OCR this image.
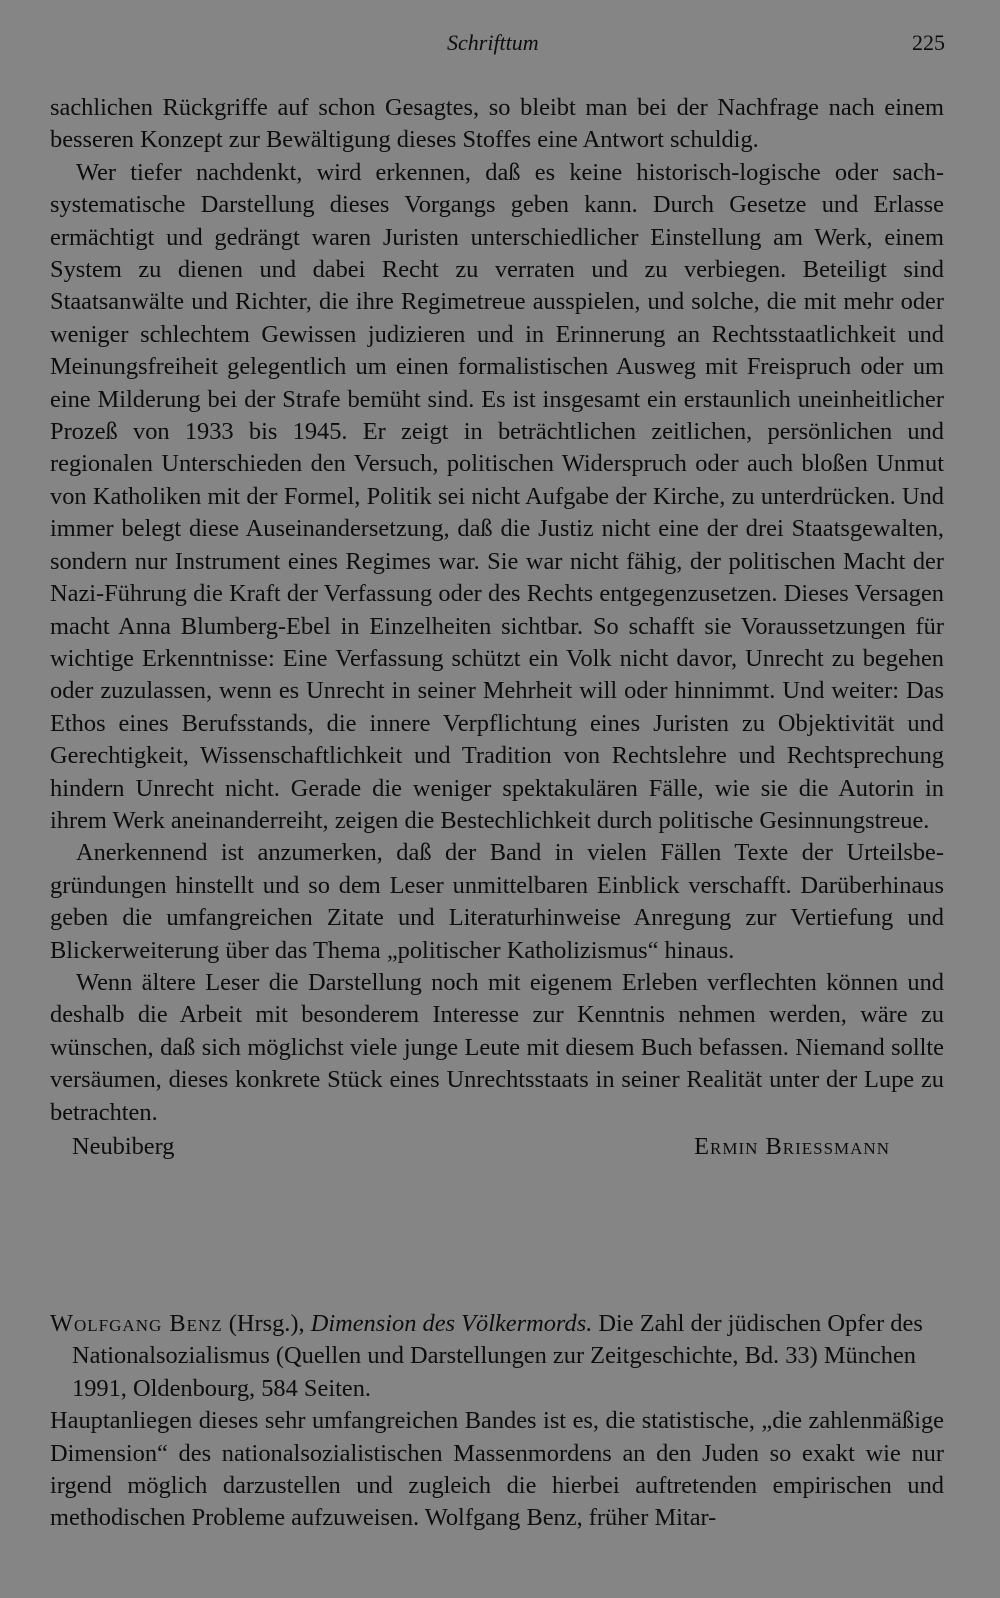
Schrifttum	225

sachlichen Rückgriffe auf schon Gesagtes, so bleibt man bei der Nachfrage nach einem besseren Konzept zur Bewältigung dieses Stoffes eine Antwort schuldig.

Wer tiefer nachdenkt, wird erkennen, daß es keine historisch-logische oder sachsystematische Darstellung dieses Vorgangs geben kann. Durch Gesetze und Erlasse ermächtigt und gedrängt waren Juristen unterschiedlicher Einstellung am Werk, einem System zu dienen und dabei Recht zu verraten und zu verbiegen. Beteiligt sind Staatsanwälte und Richter, die ihre Regimetreue ausspielen, und solche, die mit mehr oder weniger schlechtem Gewissen judizieren und in Erinnerung an Rechtsstaatlichkeit und Meinungsfreiheit gelegentlich um einen formalistischen Ausweg mit Freispruch oder um eine Milderung bei der Strafe bemüht sind. Es ist insgesamt ein erstaunlich uneinheitlicher Prozeß von 1933 bis 1945. Er zeigt in beträchtlichen zeitlichen, persönlichen und regionalen Unterschieden den Versuch, politischen Widerspruch oder auch bloßen Unmut von Katholiken mit der Formel, Politik sei nicht Aufgabe der Kirche, zu unterdrücken. Und immer belegt diese Auseinandersetzung, daß die Justiz nicht eine der drei Staatsgewalten, sondern nur Instrument eines Regimes war. Sie war nicht fähig, der politischen Macht der Nazi-Führung die Kraft der Verfassung oder des Rechts entgegenzusetzen. Dieses Versagen macht Anna Blumberg-Ebel in Einzelheiten sichtbar. So schafft sie Voraussetzungen für wichtige Erkenntnisse: Eine Verfassung schützt ein Volk nicht davor, Unrecht zu begehen oder zuzulassen, wenn es Unrecht in seiner Mehrheit will oder hinnimmt. Und weiter: Das Ethos eines Berufsstands, die innere Verpflichtung eines Juristen zu Objektivität und Gerechtigkeit, Wissenschaftlichkeit und Tradition von Rechtslehre und Rechtsprechung hindern Unrecht nicht. Gerade die weniger spektakulären Fälle, wie sie die Autorin in ihrem Werk aneinanderreiht, zeigen die Bestechlichkeit durch politische Gesinnungstreue.

Anerkennend ist anzumerken, daß der Band in vielen Fällen Texte der Urteilsbegründungen hinstellt und so dem Leser unmittelbaren Einblick verschafft. Darüberhinaus geben die umfangreichen Zitate und Literaturhinweise Anregung zur Vertiefung und Blickerweiterung über das Thema „politischer Katholizismus“ hinaus.

Wenn ältere Leser die Darstellung noch mit eigenem Erleben verflechten können und deshalb die Arbeit mit besonderem Interesse zur Kenntnis nehmen werden, wäre zu wünschen, daß sich möglichst viele junge Leute mit diesem Buch befassen. Niemand sollte versäumen, dieses konkrete Stück eines Unrechtsstaats in seiner Realität unter der Lupe zu betrachten.

Neubiberg	Ermin Briessmann

Wolfgang Benz (Hrsg.), Dimension des Völkermords. Die Zahl der jüdischen Opfer des Nationalsozialismus (Quellen und Darstellungen zur Zeitgeschichte, Bd. 33) München 1991, Oldenbourg, 584 Seiten.

Hauptanliegen dieses sehr umfangreichen Bandes ist es, die statistische, „die zahlenmäßige Dimension“ des nationalsozialistischen Massenmordens an den Juden so exakt wie nur irgend möglich darzustellen und zugleich die hierbei auftretenden empirischen und methodischen Probleme aufzuweisen. Wolfgang Benz, früher Mitar-
